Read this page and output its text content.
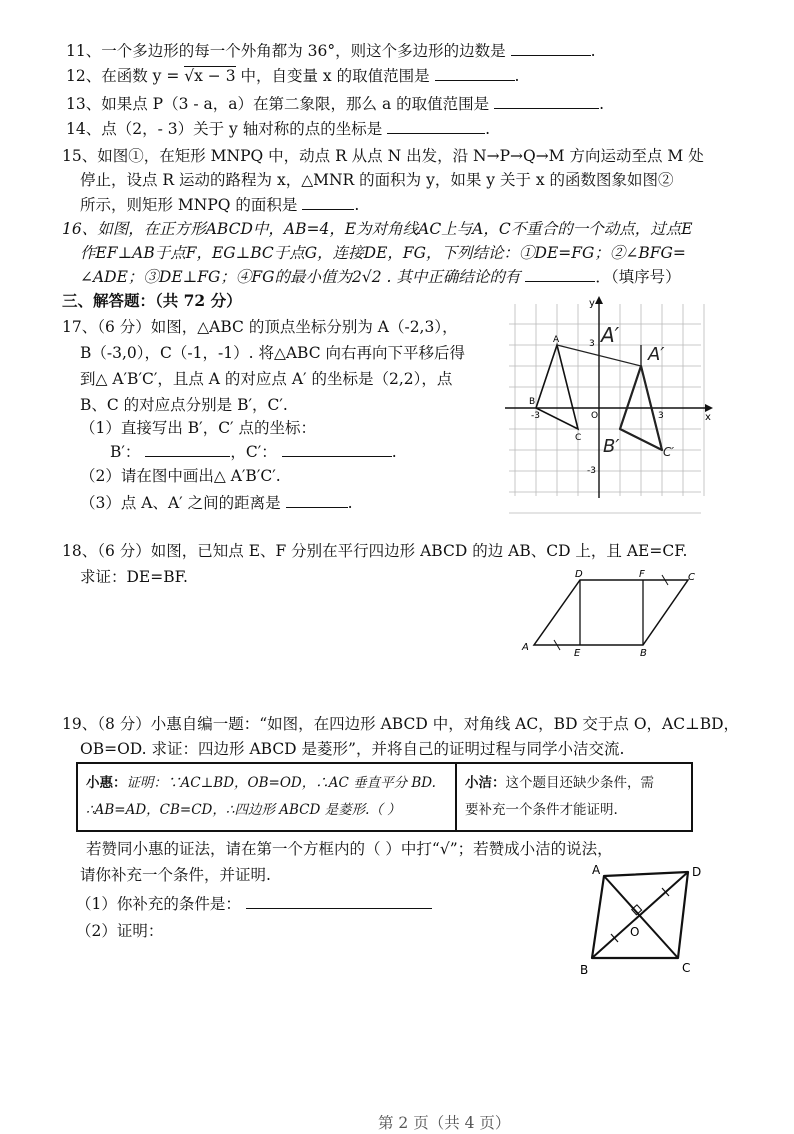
11、一个多边形的每一个外角都为 36°，则这个多边形的边数是	.
12、在函数 y = √x − 3 中，自变量 x 的取值范围是	.
13、如果点 P（3 - a，a）在第二象限，那么 a 的取值范围是	.
14、点（2，- 3）关于 y 轴对称的点的坐标是	.
15、如图①，在矩形 MNPQ 中，动点 R 从点 N 出发，沿 N→P→Q→M 方向运动至点 M 处
停止，设点 R 运动的路程为 x，△MNR 的面积为 y，如果 y 关于 x 的函数图象如图②
所示，则矩形 MNPQ 的面积是	.
16、如图，在正方形ABCD中，AB=4，E为对角线AC上与A，C不重合的一个动点，过点E
作EF⊥AB于点F，EG⊥BC于点G，连接DE，FG，下列结论：①DE=FG；②∠BFG=
∠ADE；③DE⊥FG；④FG的最小值为2√2 . 其中正确结论的有	．（填序号）
三、解答题：（共 72 分）
17、（6 分）如图，△ABC 的顶点坐标分别为 A（-2,3），
B（-3,0），C（-1，-1）. 将△ABC 向右再向下平移后得
到△ A′B′C′，且点 A 的对应点 A′ 的坐标是（2,2），点
B、C 的对应点分别是 B′，C′.
（1）直接写出 B′，C′ 点的坐标：
B′：	，C′：	.
（2）请在图中画出△ A′B′C′.
（3）点 A、A′ 之间的距离是	.
x
y
O	3
-3
3
-3
A
B
C
A′
A′
B′	C′
18、（6 分）如图，已知点 E、F 分别在平行四边形 ABCD 的边 AB、CD 上，且 AE=CF.
求证：DE=BF.
A
E	B
D	F	C
19、（8 分）小惠自编一题：“如图，在四边形 ABCD 中，对角线 AC，BD 交于点 O，AC⊥BD，
OB=OD. 求证：四边形 ABCD 是菱形”，并将自己的证明过程与同学小洁交流.
小惠：证明：∵AC⊥BD，OB=OD，∴AC 垂直平分 BD.
∴AB=AD，CB=CD，∴四边形 ABCD 是菱形.（ ）
小洁：这个题目还缺少条件，需
要补充一个条件才能证明.
若赞同小惠的证法，请在第一个方框内的（ ）中打“√”；若赞成小洁的说法，
请你补充一个条件，并证明.
（1）你补充的条件是：
（2）证明：
A	D
O
B	C
第 2 页（共 4 页）
